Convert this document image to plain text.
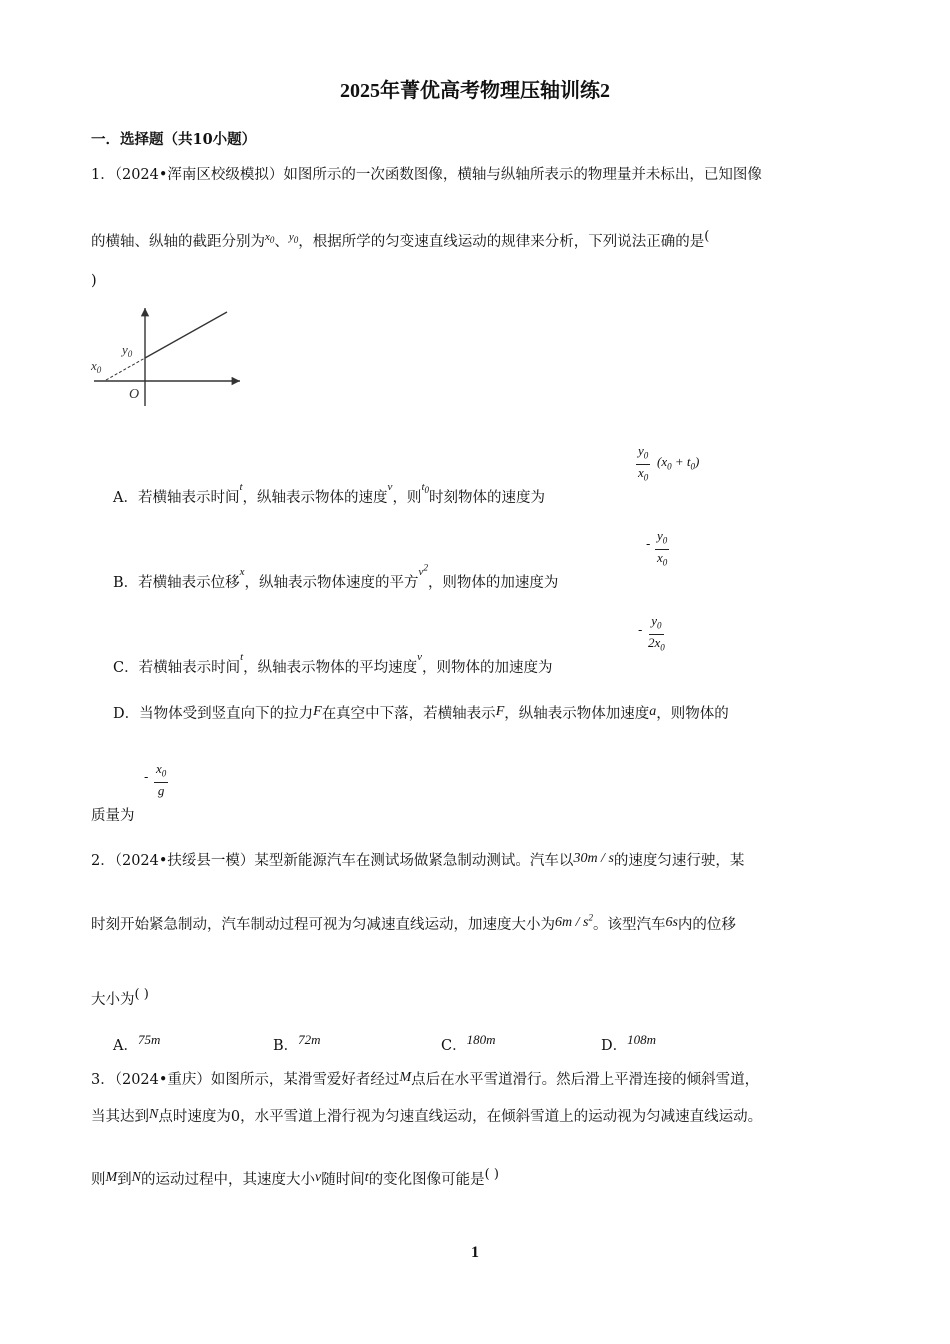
2025年菁优高考物理压轴训练2
一．选择题（共10小题）
1．（2024•浑南区校级模拟）如图所示的一次函数图像，横轴与纵轴所表示的物理量并未标出，已知图像
的横轴、纵轴的截距分别为$^{x_0}$、$^{y_0}$，根据所学的匀变速直线运动的规律来分析，下列说法正确的是(
)
$y_0$
$x_0$
O
$\frac{y_0}{x_0} (x_0 + t_0)$
A．若横轴表示时间$^t$，纵轴表示物体的速度$^v$，则$^{t_0}$时刻物体的速度为
- $\frac{y_0}{x_0}$
B．若横轴表示位移$^x$，纵轴表示物体速度的平方$^{v^2}$，则物体的加速度为
- $\frac{y_0}{2x_0}$
C．若横轴表示时间$^t$，纵轴表示物体的平均速度$^v$，则物体的加速度为
D．当物体受到竖直向下的拉力F在真空中下落，若横轴表示F，纵轴表示物体加速度a，则物体的
- $\frac{x_0}{g}$
质量为
2．（2024•扶绥县一模）某型新能源汽车在测试场做紧急制动测试。汽车以30m / s的速度匀速行驶，某
时刻开始紧急制动，汽车制动过程可视为匀减速直线运动，加速度大小为$6m / s^2$。该型汽车6s内的位移
大小为( )
A．75m	B．72m	C．180m	D．108m
3．（2024•重庆）如图所示，某滑雪爱好者经过M点后在水平雪道滑行。然后滑上平滑连接的倾斜雪道，
当其达到N点时速度为0，水平雪道上滑行视为匀速直线运动，在倾斜雪道上的运动视为匀减速直线运动。
则M到N的运动过程中，其速度大小v随时间t的变化图像可能是( )
1
